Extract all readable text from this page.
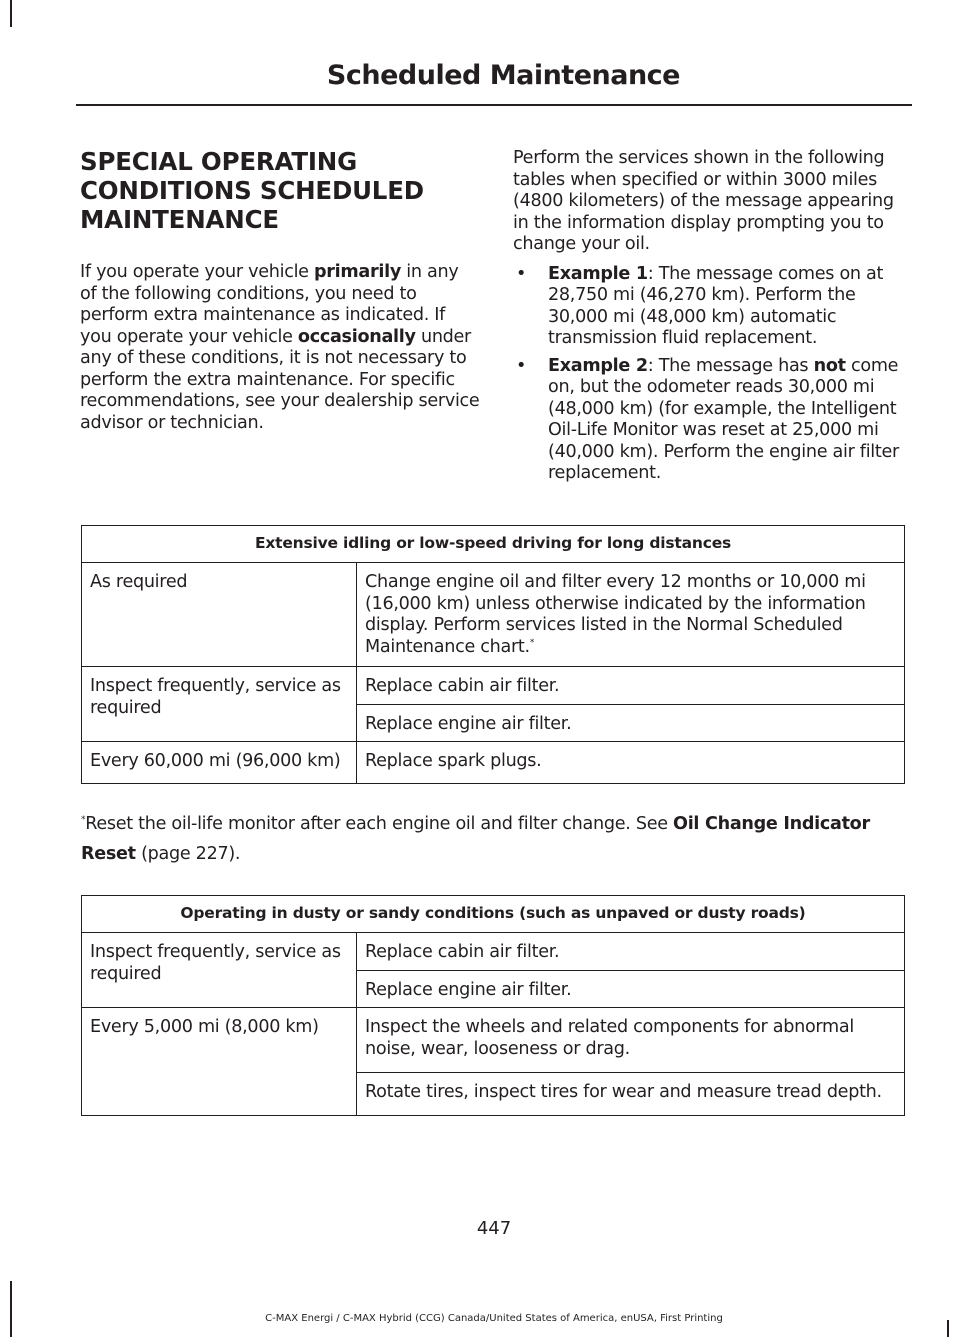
Scheduled Maintenance
SPECIAL OPERATING
CONDITIONS SCHEDULED
MAINTENANCE

If you operate your vehicle primarily in any of the following conditions, you need to perform extra maintenance as indicated. If you operate your vehicle occasionally under any of these conditions, it is not necessary to perform the extra maintenance. For specific recommendations, see your dealership service advisor or technician.

Perform the services shown in the following tables when specified or within 3000 miles (4800 kilometers) of the message appearing in the information display prompting you to change your oil.

• Example 1: The message comes on at 28,750 mi (46,270 km). Perform the 30,000 mi (48,000 km) automatic transmission fluid replacement.
• Example 2: The message has not come on, but the odometer reads 30,000 mi (48,000 km) (for example, the Intelligent Oil-Life Monitor was reset at 25,000 mi (40,000 km). Perform the engine air filter replacement.
Extensive idling or low-speed driving for long distances	
As required	Change engine oil and filter every 12 months or 10,000 mi (16,000 km) unless otherwise indicated by the information display. Perform services listed in the Normal Scheduled Maintenance chart.*
Inspect frequently, service as required	Replace cabin air filter.
	Replace engine air filter.
Every 60,000 mi (96,000 km)	Replace spark plugs.
*Reset the oil-life monitor after each engine oil and filter change. See Oil Change Indicator Reset (page 227).
Operating in dusty or sandy conditions (such as unpaved or dusty roads)	
Inspect frequently, service as required	Replace cabin air filter.
	Replace engine air filter.
Every 5,000 mi (8,000 km)	Inspect the wheels and related components for abnormal noise, wear, looseness or drag.
	Rotate tires, inspect tires for wear and measure tread depth.
447
C-MAX Energi / C-MAX Hybrid (CCG) Canada/United States of America, enUSA, First Printing
